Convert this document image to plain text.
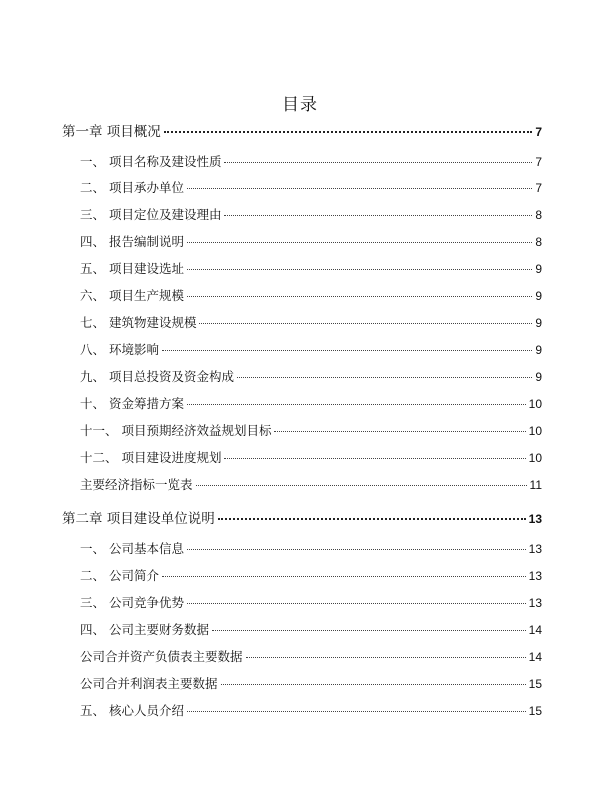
目录
第一章 项目概况	7
一、 项目名称及建设性质	7
二、 项目承办单位	7
三、 项目定位及建设理由	8
四、 报告编制说明	8
五、 项目建设选址	9
六、 项目生产规模	9
七、 建筑物建设规模	9
八、 环境影响	9
九、 项目总投资及资金构成	9
十、 资金筹措方案	10
十一、 项目预期经济效益规划目标	10
十二、 项目建设进度规划	10
主要经济指标一览表	11
第二章 项目建设单位说明	13
一、 公司基本信息	13
二、 公司简介	13
三、 公司竞争优势	13
四、 公司主要财务数据	14
公司合并资产负债表主要数据	14
公司合并利润表主要数据	15
五、 核心人员介绍	15
